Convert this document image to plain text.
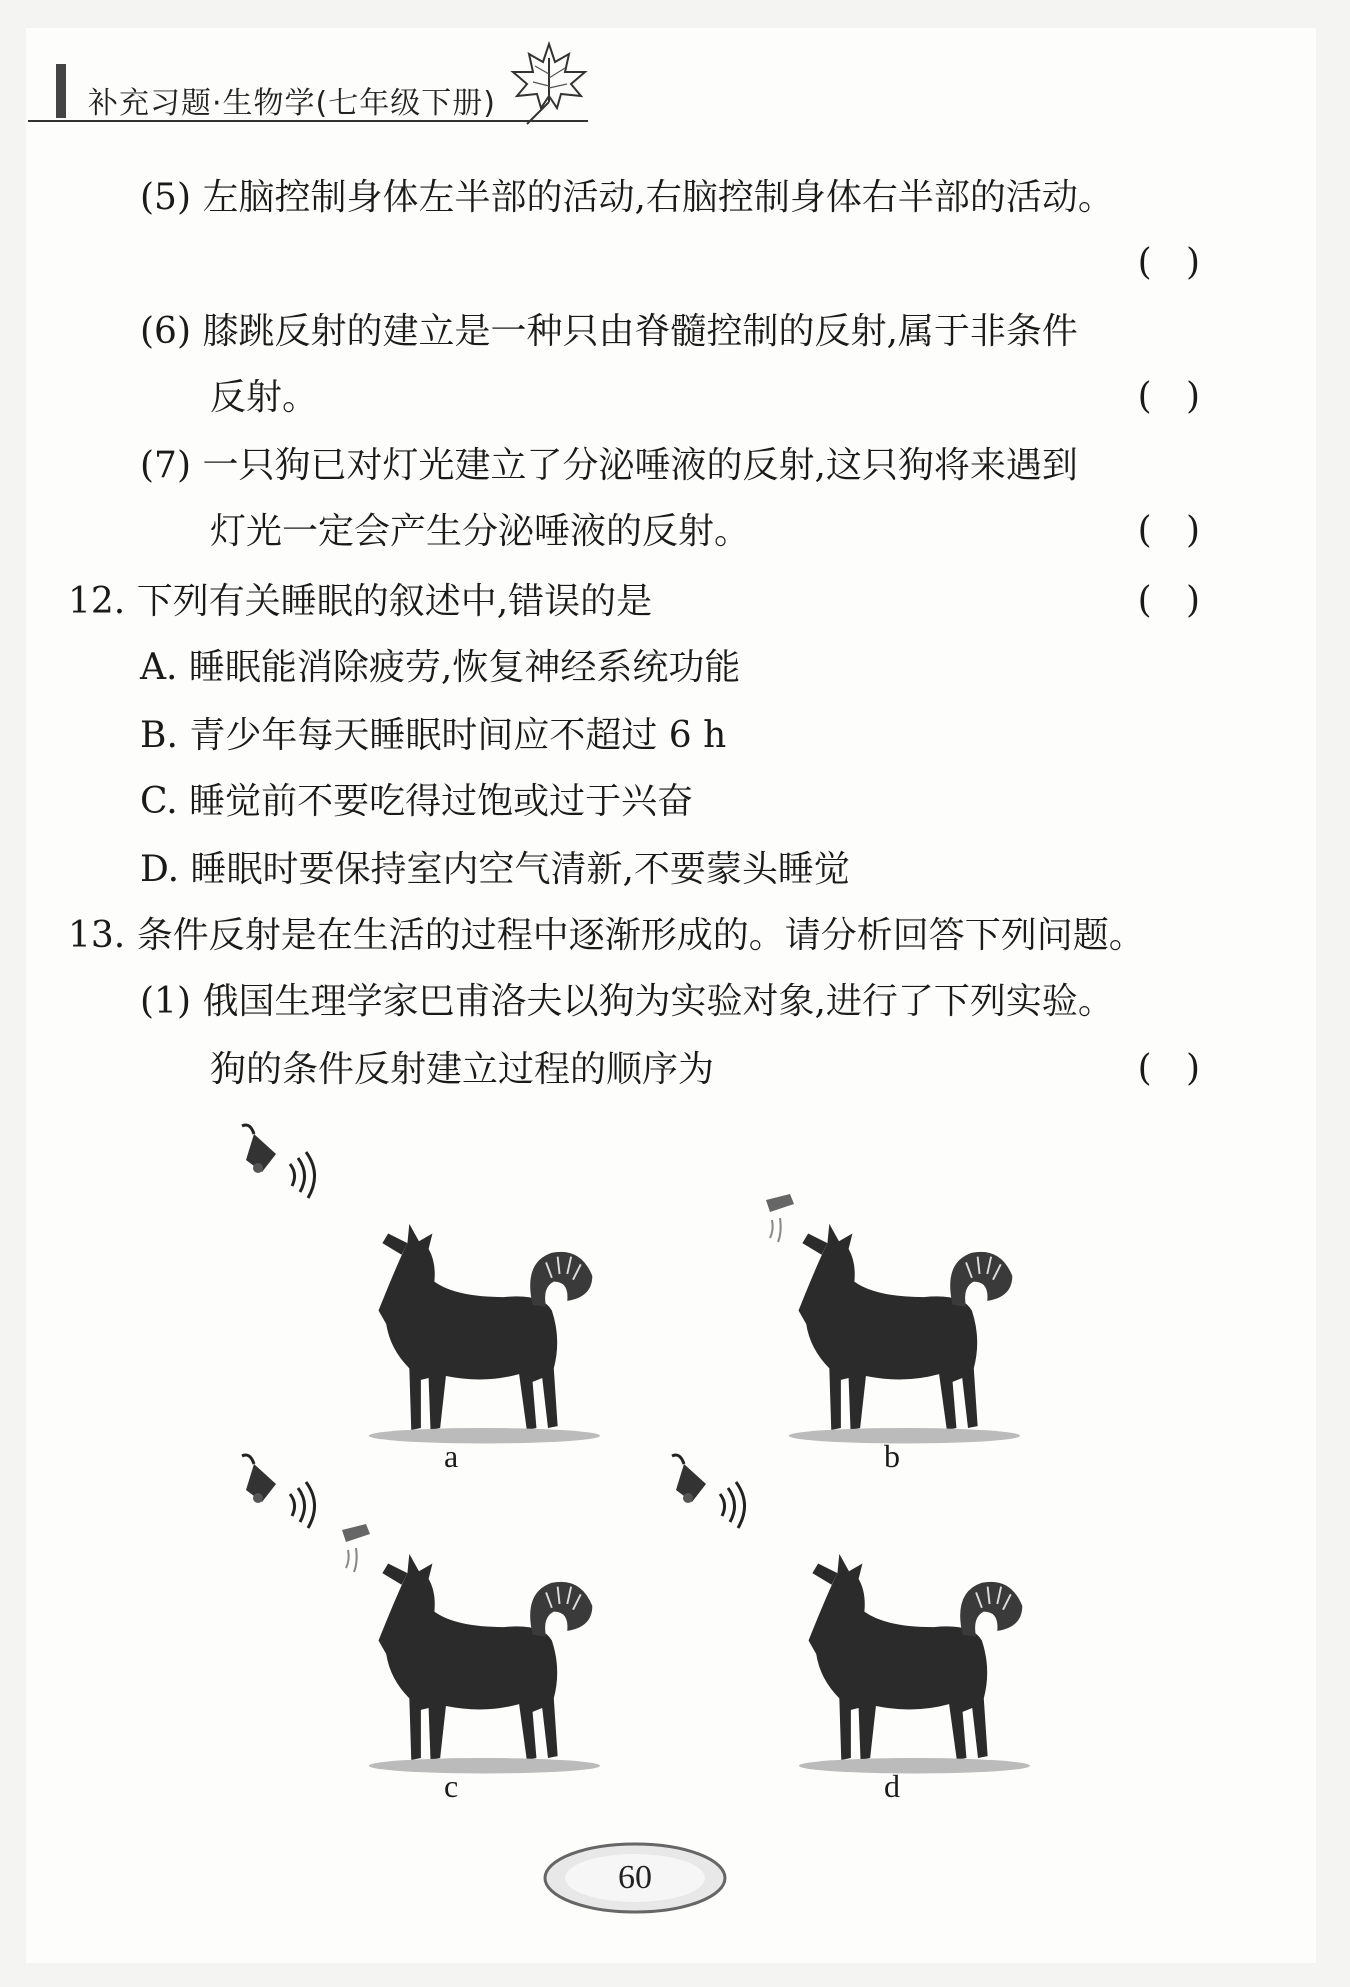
补充习题·生物学(七年级下册)
(5) 左脑控制身体左半部的活动,右脑控制身体右半部的活动。
(   )
(6) 膝跳反射的建立是一种只由脊髓控制的反射,属于非条件
反射。	(   )
(7) 一只狗已对灯光建立了分泌唾液的反射,这只狗将来遇到
灯光一定会产生分泌唾液的反射。	(   )
12. 下列有关睡眠的叙述中,错误的是	(   )
A. 睡眠能消除疲劳,恢复神经系统功能
B. 青少年每天睡眠时间应不超过 6 h
C. 睡觉前不要吃得过饱或过于兴奋
D. 睡眠时要保持室内空气清新,不要蒙头睡觉
13. 条件反射是在生活的过程中逐渐形成的。请分析回答下列问题。
(1) 俄国生理学家巴甫洛夫以狗为实验对象,进行了下列实验。
狗的条件反射建立过程的顺序为	(   )
a	b
c	d
60
